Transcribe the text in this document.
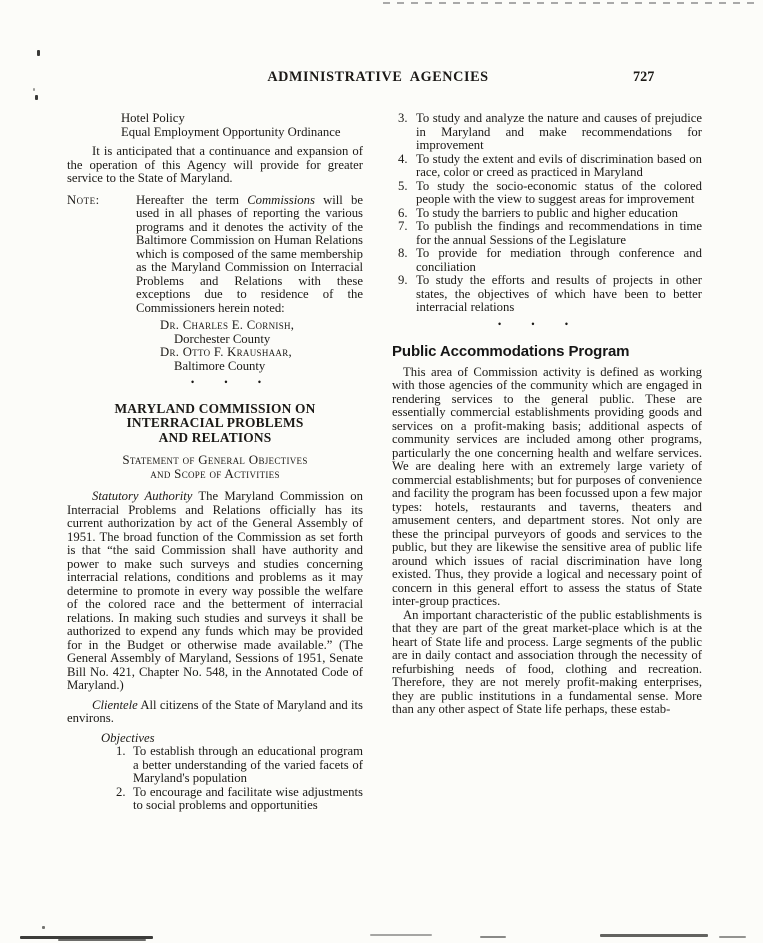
ADMINISTRATIVE AGENCIES	727
Hotel Policy
Equal Employment Opportunity Ordinance

It is anticipated that a continuance and expansion of the operation of this Agency will provide for greater service to the State of Maryland.

Note:	Hereafter the term Commissions will be used in all phases of reporting the various programs and it denotes the activity of the Baltimore Commission on Human Relations which is composed of the same membership as the Maryland Commission on Interracial Problems and Relations with these exceptions due to residence of the Commissioners herein noted:
Dr. Charles E. Cornish,
Dorchester County
Dr. Otto F. Kraushaar,
Baltimore County
• • •
MARYLAND COMMISSION ON
INTERRACIAL PROBLEMS
AND RELATIONS
Statement of General Objectives
and Scope of Activities

Statutory Authority The Maryland Commission on Interracial Problems and Relations officially has its current authorization by act of the General Assembly of 1951. The broad function of the Commission as set forth is that “the said Commission shall have authority and power to make such surveys and studies concerning interracial relations, conditions and problems as it may determine to promote in every way possible the welfare of the colored race and the betterment of interracial relations. In making such studies and surveys it shall be authorized to expend any funds which may be provided for in the Budget or otherwise made available.” (The General Assembly of Maryland, Sessions of 1951, Senate Bill No. 421, Chapter No. 548, in the Annotated Code of Maryland.)

Clientele All citizens of the State of Maryland and its environs.

Objectives
1. To establish through an educational program a better understanding of the varied facets of Maryland's population
2. To encourage and facilitate wise adjustments to social problems and opportunities
3. To study and analyze the nature and causes of prejudice in Maryland and make recommendations for improvement
4. To study the extent and evils of discrimination based on race, color or creed as practiced in Maryland
5. To study the socio-economic status of the colored people with the view to suggest areas for improvement
6. To study the barriers to public and higher education
7. To publish the findings and recommendations in time for the annual Sessions of the Legislature
8. To provide for mediation through conference and conciliation
9. To study the efforts and results of projects in other states, the objectives of which have been to better interracial relations
• • •
Public Accommodations Program

This area of Commission activity is defined as working with those agencies of the community which are engaged in rendering services to the general public. These are essentially commercial establishments providing goods and services on a profit-making basis; additional aspects of community services are included among other programs, particularly the one concerning health and welfare services. We are dealing here with an extremely large variety of commercial establishments; but for purposes of convenience and facility the program has been focussed upon a few major types: hotels, restaurants and taverns, theaters and amusement centers, and department stores. Not only are these the principal purveyors of goods and services to the public, but they are likewise the sensitive area of public life around which issues of racial discrimination have long existed. Thus, they provide a logical and necessary point of concern in this general effort to assess the status of State inter-group practices.

An important characteristic of the public establishments is that they are part of the great market-place which is at the heart of State life and process. Large segments of the public are in daily contact and association through the necessity of refurbishing needs of food, clothing and recreation. Therefore, they are not merely profit-making enterprises, they are public institutions in a fundamental sense. More than any other aspect of State life perhaps, these estab-
